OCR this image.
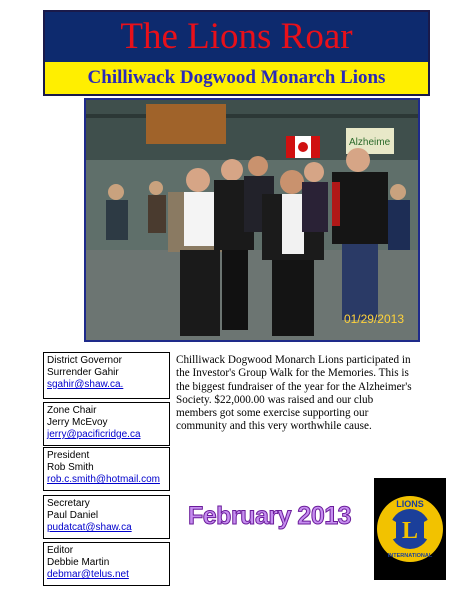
The Lions Roar
Chilliwack Dogwood Monarch Lions
Alzheime
01/29/2013
District Governor
Surrender Gahir
sgahir@shaw.ca.
Zone Chair
Jerry McEvoy
jerry@pacificridge.ca
President
Rob Smith
rob.c.smith@hotmail.com
Secretary
Paul Daniel
pudatcat@shaw.ca
Editor
Debbie Martin
debmar@telus.net
Chilliwack Dogwood Monarch Lions participated in the Investor's Group Walk for the Memories. This is the biggest fundraiser of the year for the Alzheimer's Society. $22,000.00 was raised and our club members got some exercise supporting our community and this very worthwhile cause.
February 2013
L
LIONS
INTERNATIONAL
